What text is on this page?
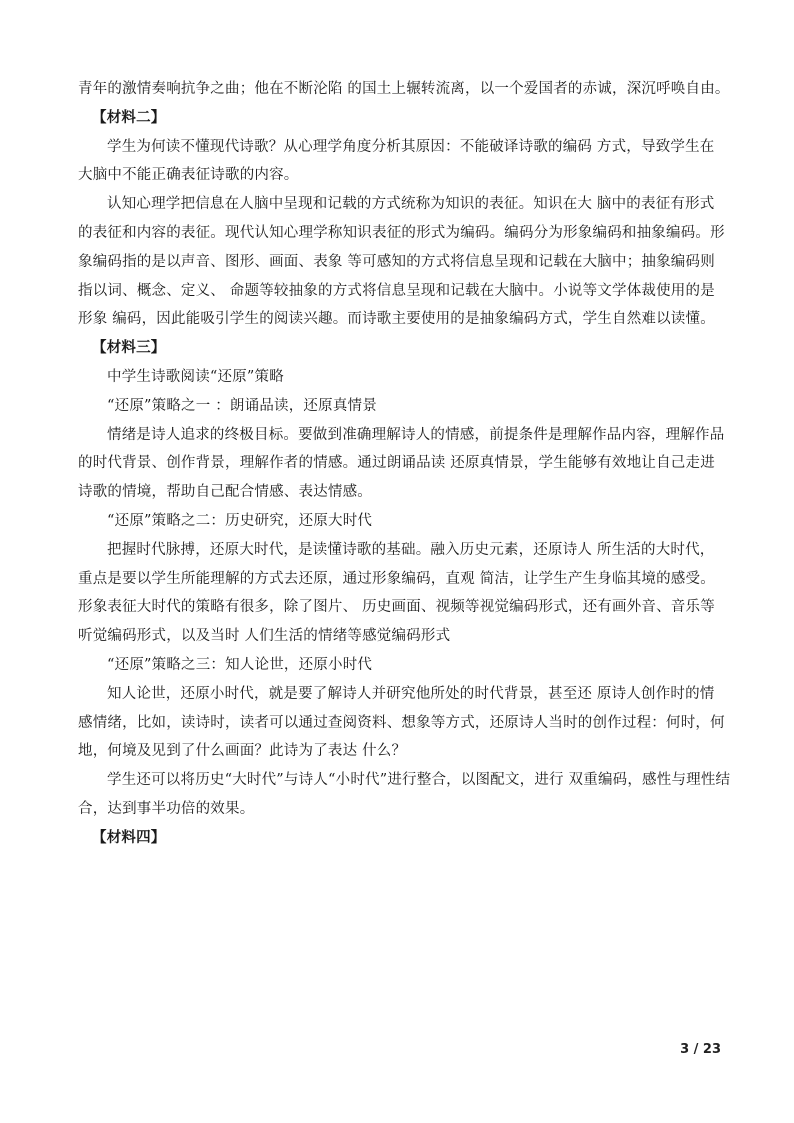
青年的激情奏响抗争之曲；他在不断沦陷 的国土上辗转流离，以一个爱国者的赤诚，深沉呼唤自由。
【材料二】
学生为何读不懂现代诗歌？从心理学角度分析其原因：不能破译诗歌的编码 方式，导致学生在
大脑中不能正确表征诗歌的内容。
认知心理学把信息在人脑中呈现和记载的方式统称为知识的表征。知识在大 脑中的表征有形式
的表征和内容的表征。现代认知心理学称知识表征的形式为编码。编码分为形象编码和抽象编码。形
象编码指的是以声音、图形、画面、表象 等可感知的方式将信息呈现和记载在大脑中；抽象编码则
指以词、概念、定义、 命题等较抽象的方式将信息呈现和记载在大脑中。小说等文学体裁使用的是
形象 编码，因此能吸引学生的阅读兴趣。而诗歌主要使用的是抽象编码方式，学生自然难以读懂。
【材料三】
中学生诗歌阅读“还原”策略
“还原”策略之一 ：朗诵品读，还原真情景
情绪是诗人追求的终极目标。要做到准确理解诗人的情感，前提条件是理解作品内容，理解作品
的时代背景、创作背景，理解作者的情感。通过朗诵品读 还原真情景，学生能够有效地让自己走进
诗歌的情境，帮助自己配合情感、表达情感。
“还原”策略之二：历史研究，还原大时代
把握时代脉搏，还原大时代，是读懂诗歌的基础。融入历史元素，还原诗人 所生活的大时代，
重点是要以学生所能理解的方式去还原，通过形象编码，直观 简洁，让学生产生身临其境的感受。
形象表征大时代的策略有很多，除了图片、 历史画面、视频等视觉编码形式，还有画外音、音乐等
听觉编码形式，以及当时 人们生活的情绪等感觉编码形式
“还原”策略之三：知人论世，还原小时代
知人论世，还原小时代，就是要了解诗人并研究他所处的时代背景，甚至还 原诗人创作时的情
感情绪，比如，读诗时，读者可以通过查阅资料、想象等方式，还原诗人当时的创作过程：何时，何
地，何境及见到了什么画面？此诗为了表达 什么？
学生还可以将历史“大时代”与诗人“小时代”进行整合，以图配文，进行 双重编码，感性与理性结
合，达到事半功倍的效果。
【材料四】
3 / 23
